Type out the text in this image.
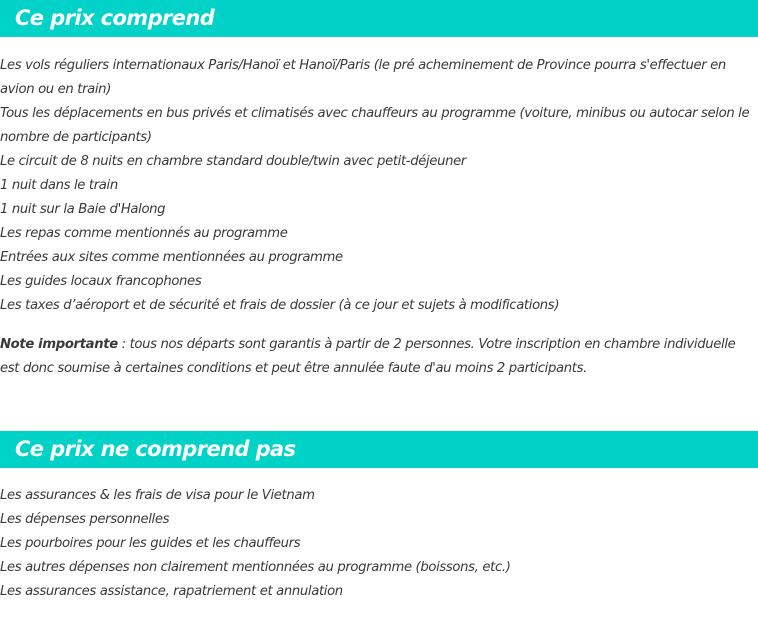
Ce prix comprend
Les vols réguliers internationaux Paris/Hanoï et Hanoï/Paris (le pré acheminement de Province pourra s'effectuer en avion ou en train)
Tous les déplacements en bus privés et climatisés avec chauffeurs au programme (voiture, minibus ou autocar selon le nombre de participants)
Le circuit de 8 nuits en chambre standard double/twin avec petit-déjeuner
1 nuit dans le train
1 nuit sur la Baie d'Halong
Les repas comme mentionnés au programme
Entrées aux sites comme mentionnées au programme
Les guides locaux francophones
Les taxes d’aéroport et de sécurité et frais de dossier (à ce jour et sujets à modifications)

Note importante : tous nos départs sont garantis à partir de 2 personnes. Votre inscription en chambre individuelle est donc soumise à certaines conditions et peut être annulée faute d'au moins 2 participants.

Ce prix ne comprend pas
Les assurances & les frais de visa pour le Vietnam
Les dépenses personnelles
Les pourboires pour les guides et les chauffeurs
Les autres dépenses non clairement mentionnées au programme (boissons, etc.)
Les assurances assistance, rapatriement et annulation
